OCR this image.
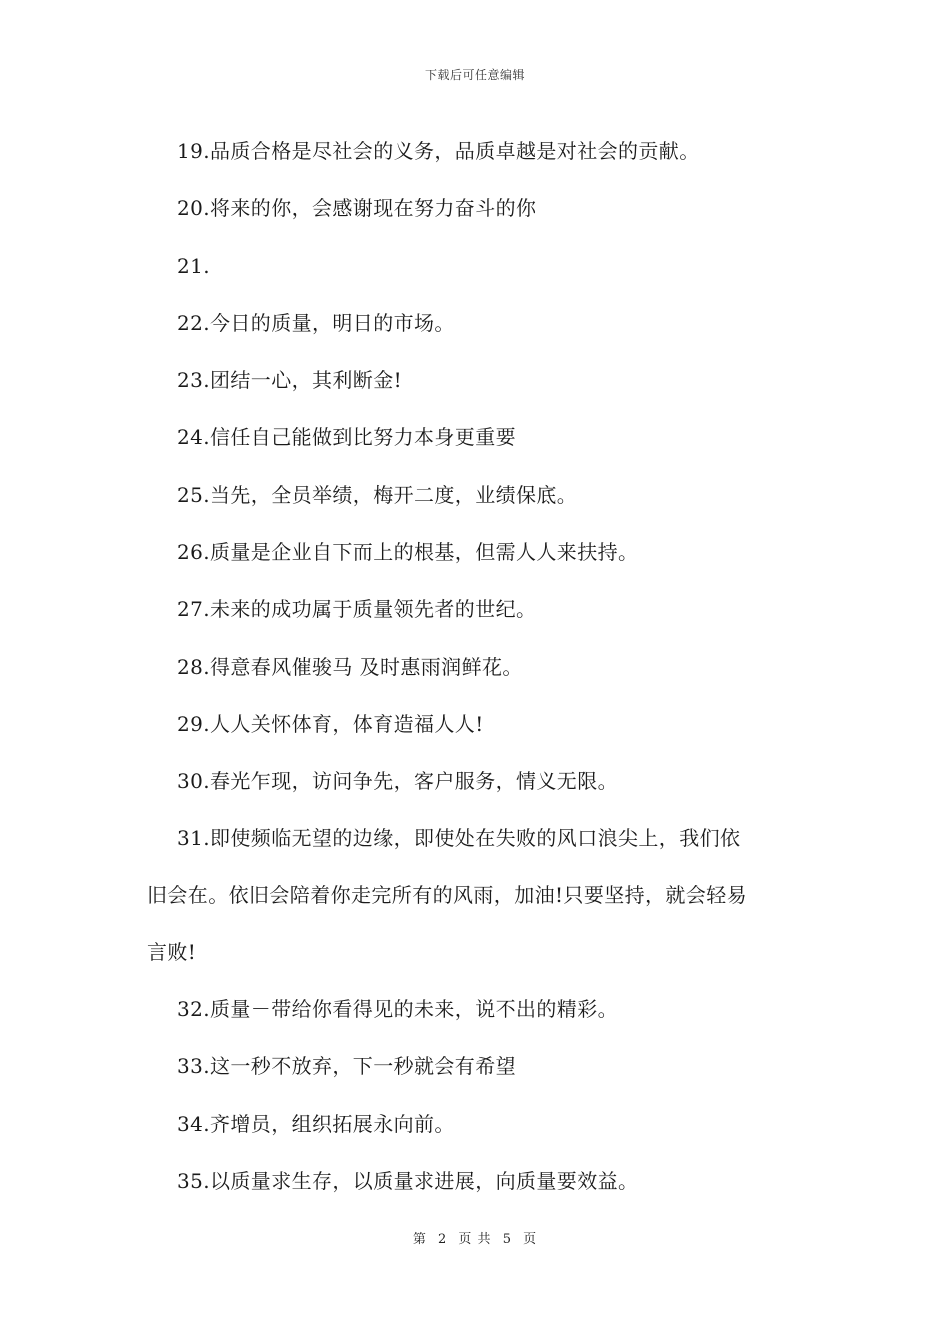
下载后可任意编辑
19.品质合格是尽社会的义务，品质卓越是对社会的贡献。
20.将来的你，会感谢现在努力奋斗的你
21.
22.今日的质量，明日的市场。
23.团结一心，其利断金!
24.信任自己能做到比努力本身更重要
25.当先，全员举绩，梅开二度，业绩保底。
26.质量是企业自下而上的根基，但需人人来扶持。
27.未来的成功属于质量领先者的世纪。
28.得意春风催骏马 及时惠雨润鲜花。
29.人人关怀体育，体育造福人人!
30.春光乍现，访问争先，客户服务，情义无限。
31.即使频临无望的边缘，即使处在失败的风口浪尖上，我们依
旧会在。依旧会陪着你走完所有的风雨，加油!只要坚持，就会轻易
言败!
32.质量－带给你看得见的未来，说不出的精彩。
33.这一秒不放弃，下一秒就会有希望
34.齐增员，组织拓展永向前。
35.以质量求生存，以质量求进展，向质量要效益。
第 2 页 共 5 页
